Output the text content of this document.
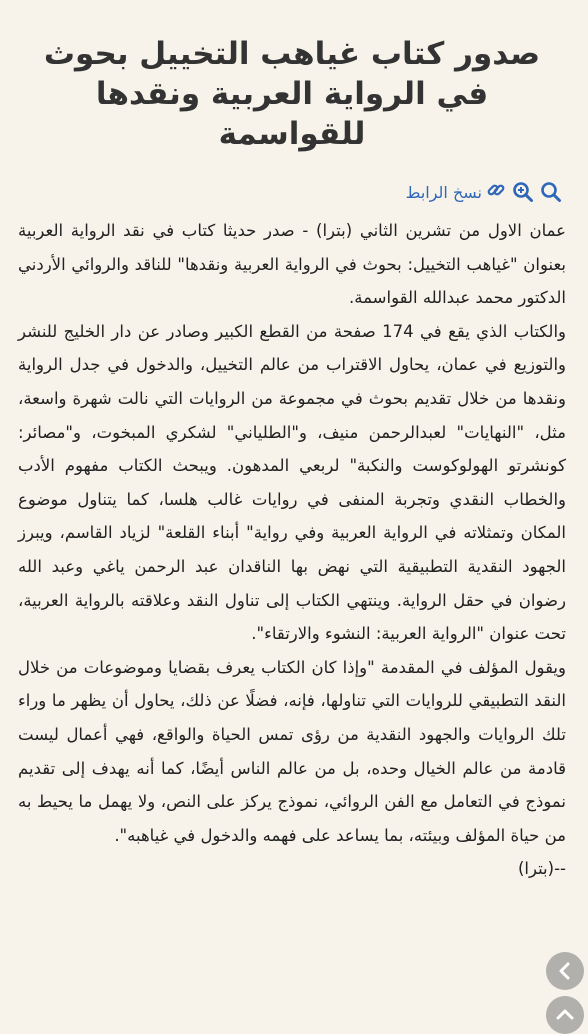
صدور كتاب غياهب التخييل بحوث في الرواية العربية ونقدها للقواسمة
نسخ الرابط

عمان الاول من تشرين الثاني (بترا) - صدر حديثا كتاب في نقد الرواية العربية بعنوان "غياهب التخييل: بحوث في الرواية العربية ونقدها" للناقد والروائي الأردني الدكتور محمد عبدالله القواسمة.

والكتاب الذي يقع في 174 صفحة من القطع الكبير وصادر عن دار الخليج للنشر والتوزيع في عمان، يحاول الاقتراب من عالم التخييل، والدخول في جدل الرواية ونقدها من خلال تقديم بحوث في مجموعة من الروايات التي نالت شهرة واسعة، مثل، "النهايات" لعبدالرحمن منيف، و"الطلياني" لشكري المبخوت، و"مصائر: كونشرتو الهولوكوست والنكبة" لربعي المدهون. ويبحث الكتاب مفهوم الأدب والخطاب النقدي وتجربة المنفى في روايات غالب هلسا، كما يتناول موضوع المكان وتمثلاته في الرواية العربية وفي رواية" أبناء القلعة" لزياد القاسم، ويبرز الجهود النقدية التطبيقية التي نهض بها الناقدان عبد الرحمن ياغي وعبد الله رضوان في حقل الرواية. وينتهي الكتاب إلى تناول النقد وعلاقته بالرواية العربية، تحت عنوان "الرواية العربية: النشوء والارتقاء".

ويقول المؤلف في المقدمة "وإذا كان الكتاب يعرف بقضايا وموضوعات من خلال النقد التطبيقي للروايات التي تناولها، فإنه، فضلًا عن ذلك، يحاول أن يظهر ما وراء تلك الروايات والجهود النقدية من رؤى تمس الحياة والواقع، فهي أعمال ليست قادمة من عالم الخيال وحده، بل من عالم الناس أيضًا، كما أنه يهدف إلى تقديم نموذج في التعامل مع الفن الروائي، نموذج يركز على النص، ولا يهمل ما يحيط به من حياة المؤلف وبيئته، بما يساعد على فهمه والدخول في غياهبه".

--(بترا)
